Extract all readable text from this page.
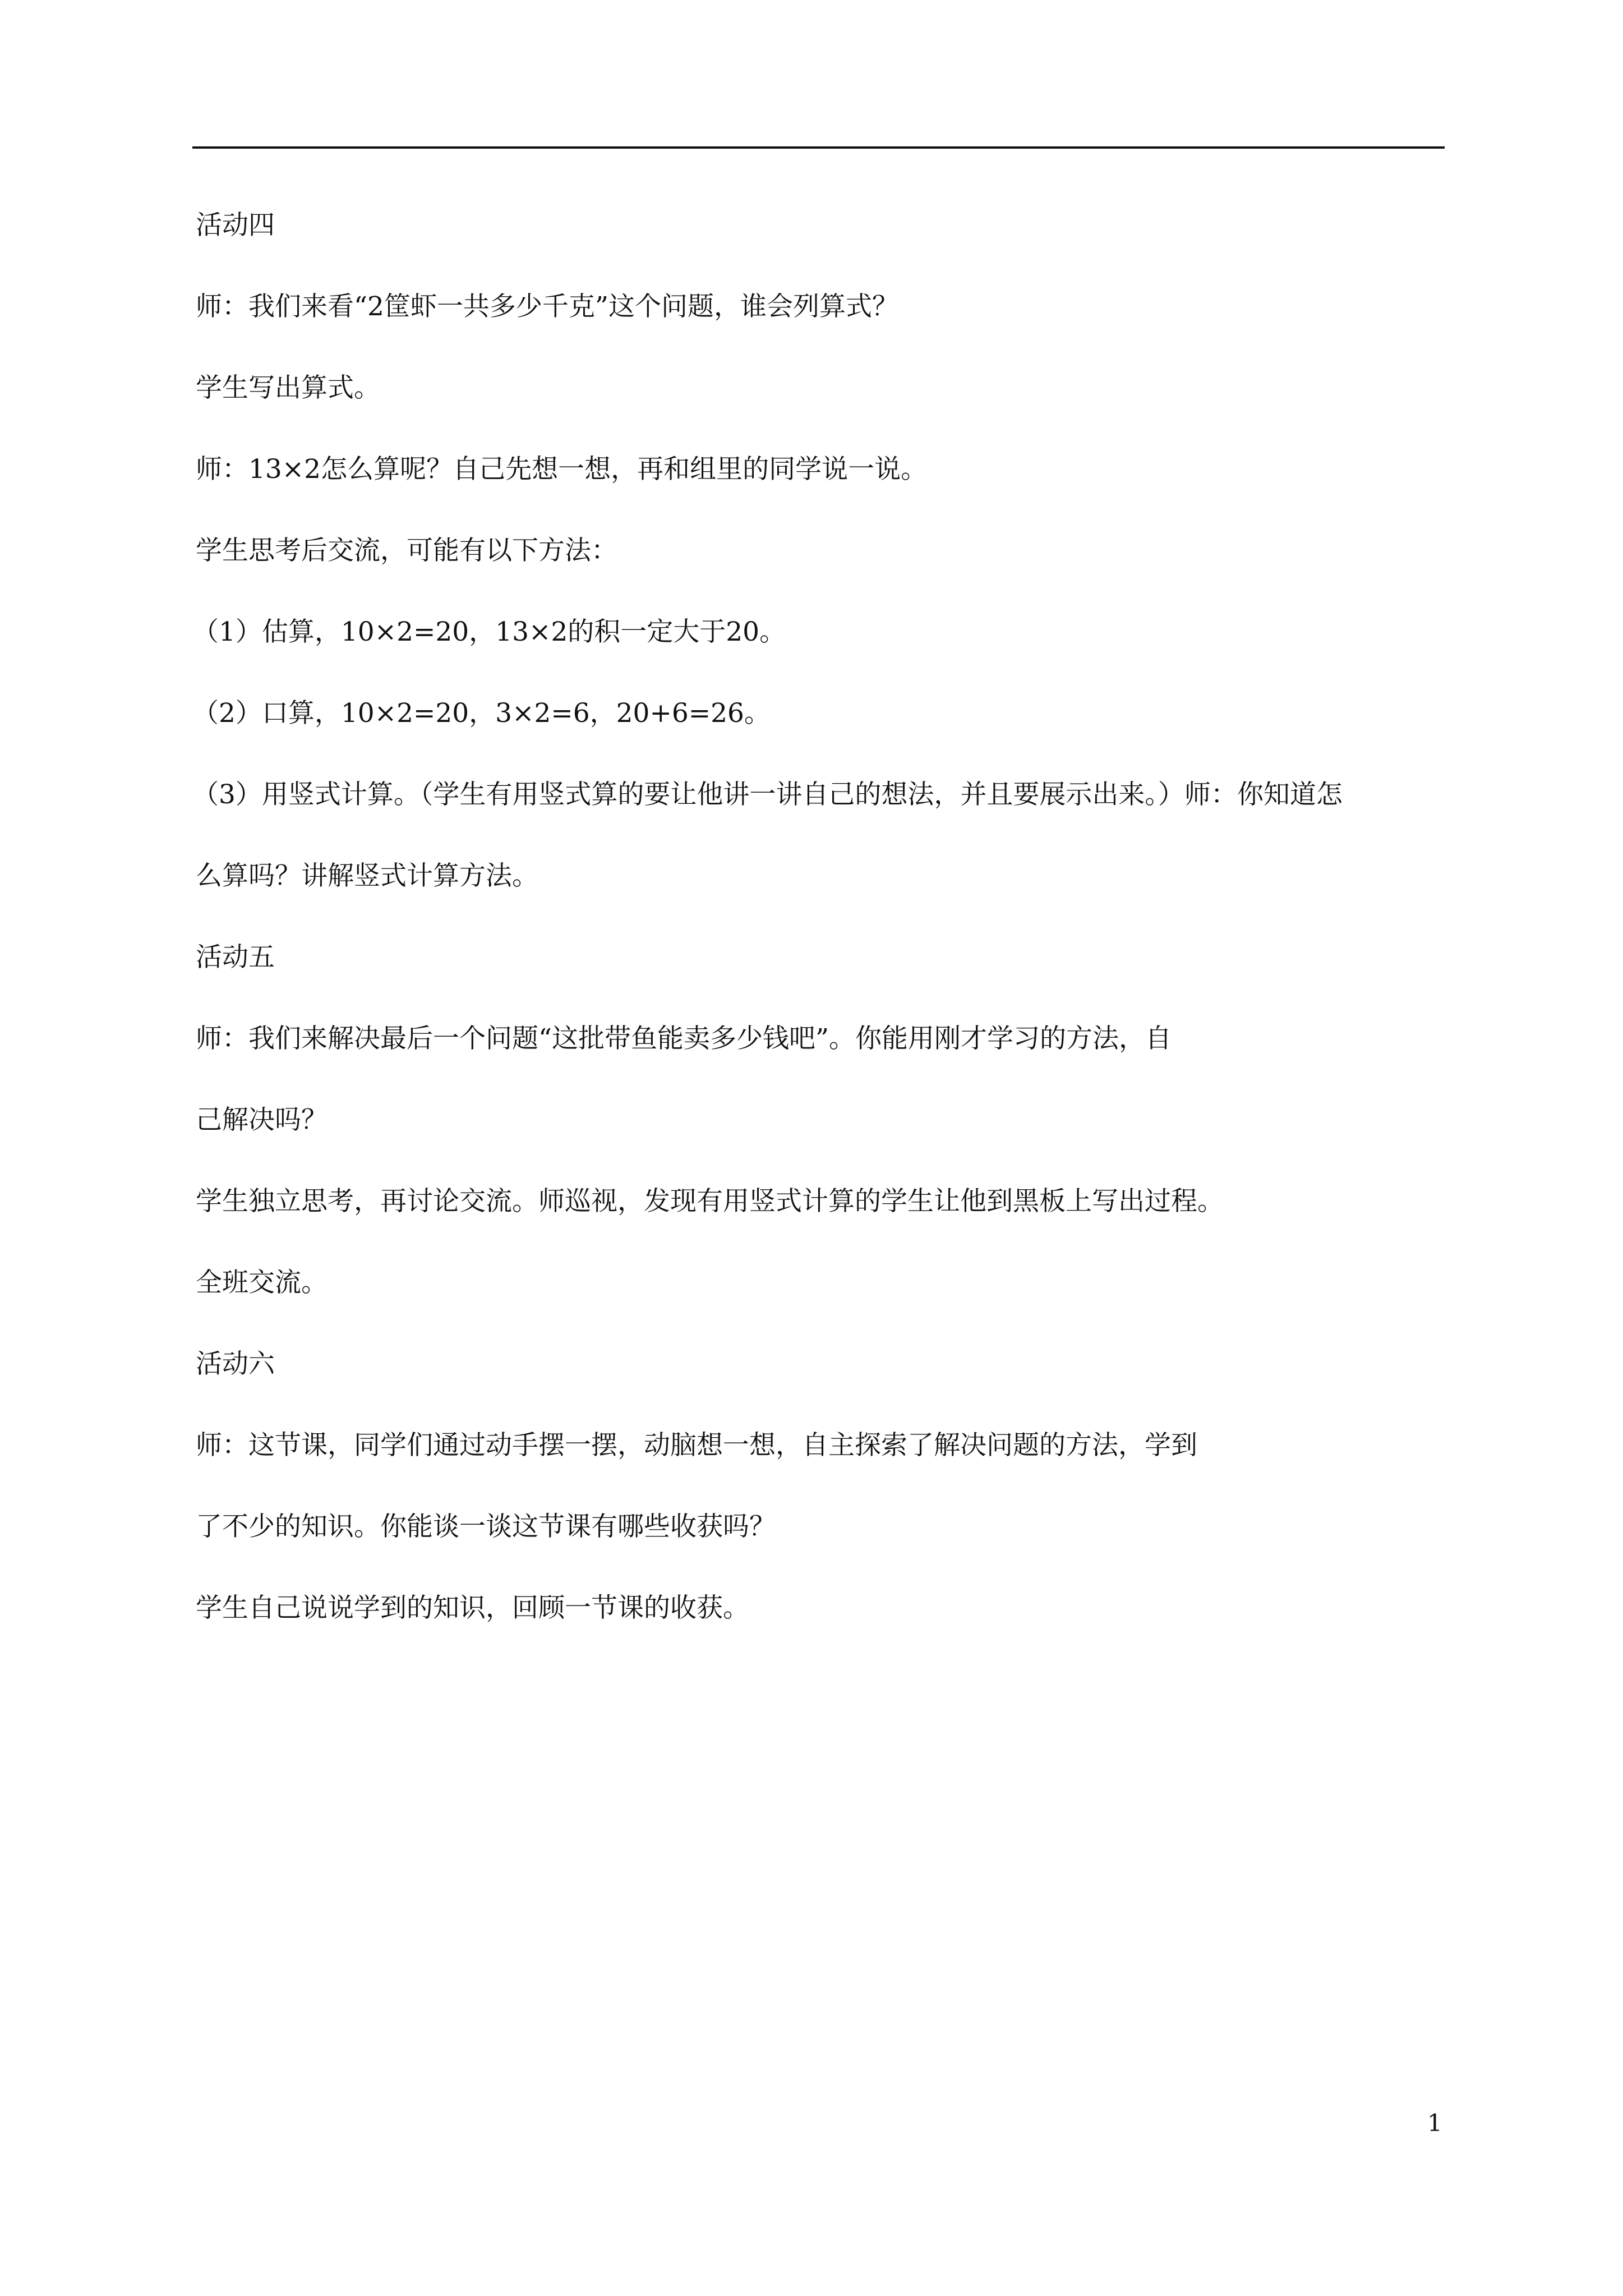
活动四

师：我们来看“2筐虾一共多少千克”这个问题，谁会列算式？

学生写出算式。

师：13×2怎么算呢？自己先想一想，再和组里的同学说一说。

学生思考后交流，可能有以下方法：

（1）估算，10×2=20，13×2的积一定大于20。

（2）口算，10×2=20，3×2=6，20+6=26。

（3）用竖式计算。（学生有用竖式算的要让他讲一讲自己的想法，并且要展示出来。）师：你知道怎

么算吗？讲解竖式计算方法。

活动五

师：我们来解决最后一个问题“这批带鱼能卖多少钱吧”。你能用刚才学习的方法，自

己解决吗？

学生独立思考，再讨论交流。师巡视，发现有用竖式计算的学生让他到黑板上写出过程。

全班交流。

活动六

师：这节课，同学们通过动手摆一摆，动脑想一想，自主探索了解决问题的方法，学到

了不少的知识。你能谈一谈这节课有哪些收获吗？

学生自己说说学到的知识，回顾一节课的收获。

1
